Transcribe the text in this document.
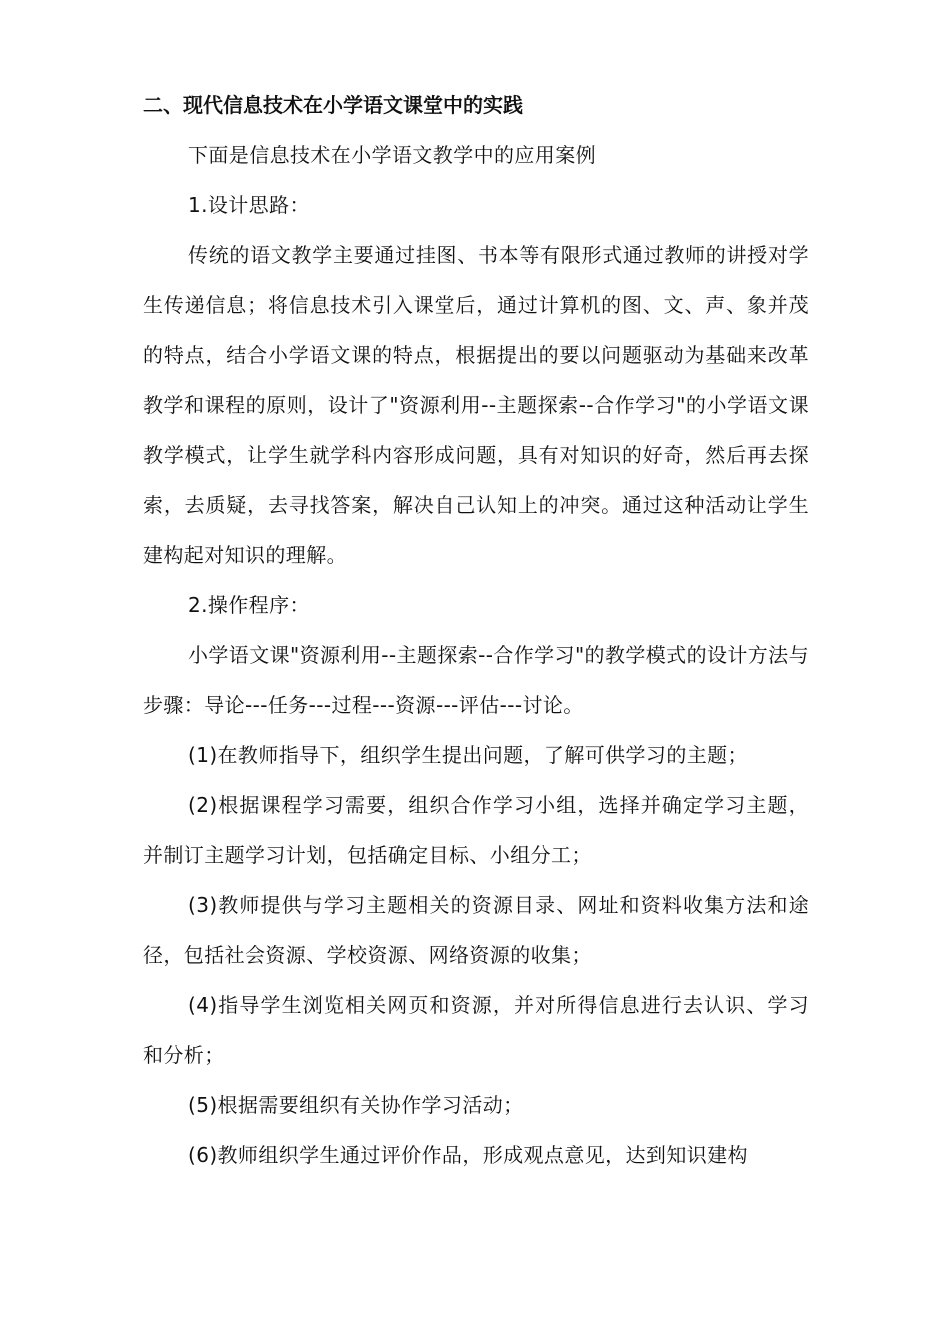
二、现代信息技术在小学语文课堂中的实践

下面是信息技术在小学语文教学中的应用案例

1.设计思路：

传统的语文教学主要通过挂图、书本等有限形式通过教师的讲授对学生传递信息；将信息技术引入课堂后，通过计算机的图、文、声、象并茂的特点，结合小学语文课的特点，根据提出的要以问题驱动为基础来改革教学和课程的原则，设计了"资源利用--主题探索--合作学习"的小学语文课教学模式，让学生就学科内容形成问题，具有对知识的好奇，然后再去探索，去质疑，去寻找答案，解决自己认知上的冲突。通过这种活动让学生建构起对知识的理解。

2.操作程序：

小学语文课"资源利用--主题探索--合作学习"的教学模式的设计方法与步骤：导论---任务---过程---资源---评估---讨论。

(1)在教师指导下，组织学生提出问题，了解可供学习的主题；

(2)根据课程学习需要，组织合作学习小组，选择并确定学习主题，并制订主题学习计划，包括确定目标、小组分工；

(3)教师提供与学习主题相关的资源目录、网址和资料收集方法和途径，包括社会资源、学校资源、网络资源的收集；

(4)指导学生浏览相关网页和资源，并对所得信息进行去认识、学习和分析；

(5)根据需要组织有关协作学习活动；

(6)教师组织学生通过评价作品，形成观点意见，达到知识建构
